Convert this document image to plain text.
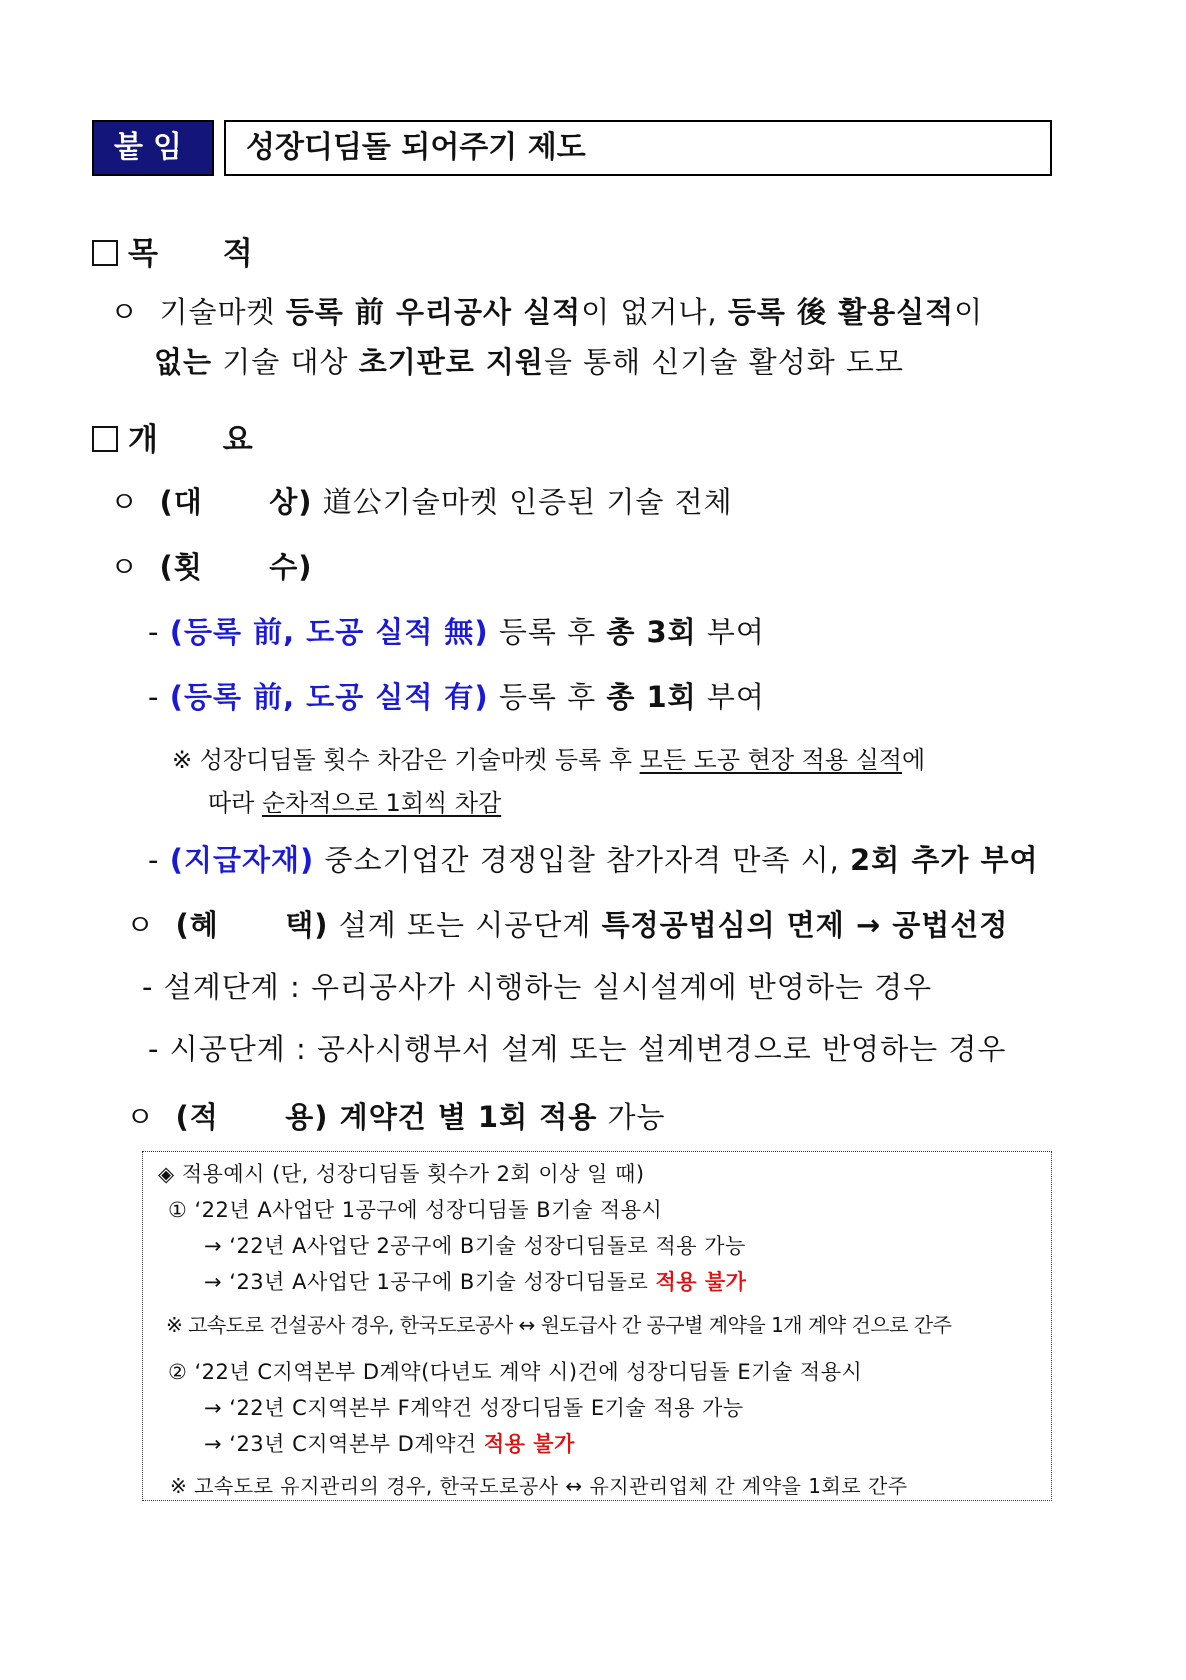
붙임	성장디딤돌 되어주기 제도
목      적
ㅇ 기술마켓 등록 前 우리공사 실적이 없거나, 등록 後 활용실적이
없는 기술 대상 초기판로 지원을 통해 신기술 활성화 도모
개      요
ㅇ (대      상) 道公기술마켓 인증된 기술 전체
ㅇ (횟      수)
- (등록 前, 도공 실적 無) 등록 후 총 3회 부여
- (등록 前, 도공 실적 有) 등록 후 총 1회 부여
※ 성장디딤돌 횟수 차감은 기술마켓 등록 후 모든 도공 현장 적용 실적에
따라 순차적으로 1회씩 차감
- (지급자재) 중소기업간 경쟁입찰 참가자격 만족 시, 2회 추가 부여
ㅇ (혜      택) 설계 또는 시공단계 특정공법심의 면제 → 공법선정
- 설계단계 : 우리공사가 시행하는 실시설계에 반영하는 경우
- 시공단계 : 공사시행부서 설계 또는 설계변경으로 반영하는 경우
ㅇ (적      용) 계약건 별 1회 적용 가능
◈ 적용예시 (단, 성장디딤돌 횟수가 2회 이상 일 때)
① ‘22년 A사업단 1공구에 성장디딤돌 B기술 적용시
→ ‘22년 A사업단 2공구에 B기술 성장디딤돌로 적용 가능
→ ‘23년 A사업단 1공구에 B기술 성장디딤돌로 적용 불가
※ 고속도로 건설공사 경우, 한국도로공사 ↔ 원도급사 간 공구별 계약을 1개 계약 건으로 간주
② ‘22년 C지역본부 D계약(다년도 계약 시)건에 성장디딤돌 E기술 적용시
→ ‘22년 C지역본부 F계약건 성장디딤돌 E기술 적용 가능
→ ‘23년 C지역본부 D계약건 적용 불가
※ 고속도로 유지관리의 경우, 한국도로공사 ↔ 유지관리업체 간 계약을 1회로 간주
